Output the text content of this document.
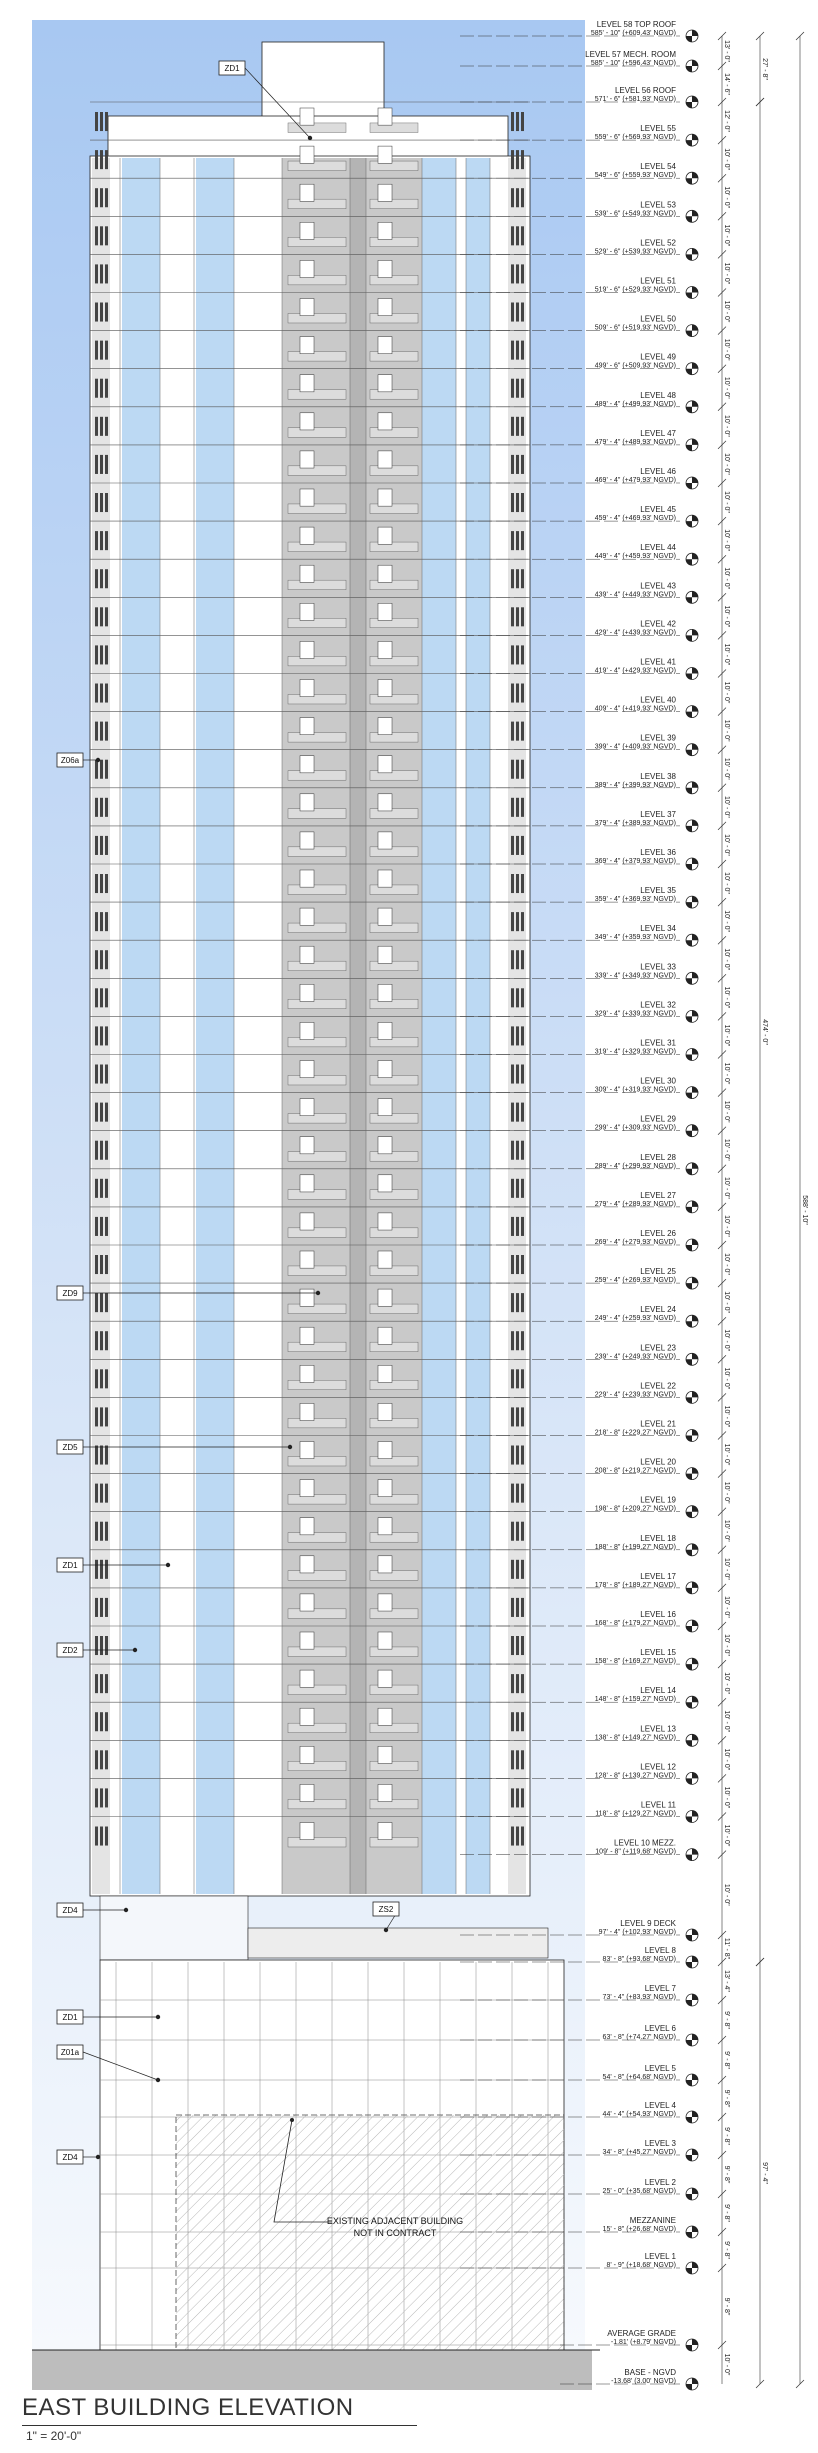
LEVEL 58 TOP ROOF
585' - 10" (+609.43' NGVD)
LEVEL 57 MECH. ROOM
585' - 10" (+596.43' NGVD)
LEVEL 56 ROOF
571' - 6" (+581.93' NGVD)
LEVEL 55
559' - 6" (+569.93' NGVD)
LEVEL 54
549' - 6" (+559.93' NGVD)
LEVEL 53
539' - 6" (+549.93' NGVD)
LEVEL 52
529' - 6" (+539.93' NGVD)
LEVEL 51
519' - 6" (+529.93' NGVD)
LEVEL 50
509' - 6" (+519.93' NGVD)
LEVEL 49
499' - 6" (+509.93' NGVD)
LEVEL 48
489' - 4" (+499.93' NGVD)
LEVEL 47
479' - 4" (+489.93' NGVD)
LEVEL 46
469' - 4" (+479.93' NGVD)
LEVEL 45
459' - 4" (+469.93' NGVD)
LEVEL 44
449' - 4" (+459.93' NGVD)
LEVEL 43
439' - 4" (+449.93' NGVD)
LEVEL 42
429' - 4" (+439.93' NGVD)
LEVEL 41
419' - 4" (+429.93' NGVD)
LEVEL 40
409' - 4" (+419.93' NGVD)
LEVEL 39
399' - 4" (+409.93' NGVD)
LEVEL 38
389' - 4" (+399.93' NGVD)
LEVEL 37
379' - 4" (+389.93' NGVD)
LEVEL 36
369' - 4" (+379.93' NGVD)
LEVEL 35
359' - 4" (+369.93' NGVD)
LEVEL 34
349' - 4" (+359.93' NGVD)
LEVEL 33
339' - 4" (+349.93' NGVD)
LEVEL 32
329' - 4" (+339.93' NGVD)
LEVEL 31
319' - 4" (+329.93' NGVD)
LEVEL 30
309' - 4" (+319.93' NGVD)
LEVEL 29
299' - 4" (+309.93' NGVD)
LEVEL 28
289' - 4" (+299.93' NGVD)
LEVEL 27
279' - 4" (+289.93' NGVD)
LEVEL 26
269' - 4" (+279.93' NGVD)
LEVEL 25
259' - 4" (+269.93' NGVD)
LEVEL 24
249' - 4" (+259.93' NGVD)
LEVEL 23
239' - 4" (+249.93' NGVD)
LEVEL 22
229' - 4" (+239.93' NGVD)
LEVEL 21
218' - 8" (+229.27' NGVD)
LEVEL 20
208' - 8" (+219.27' NGVD)
LEVEL 19
198' - 8" (+209.27' NGVD)
LEVEL 18
188' - 8" (+199.27' NGVD)
LEVEL 17
178' - 8" (+189.27' NGVD)
LEVEL 16
168' - 8" (+179.27' NGVD)
LEVEL 15
158' - 8" (+169.27' NGVD)
LEVEL 14
148' - 8" (+159.27' NGVD)
LEVEL 13
138' - 8" (+149.27' NGVD)
LEVEL 12
128' - 8" (+139.27' NGVD)
LEVEL 11
118' - 8" (+129.27' NGVD)
LEVEL 10 MEZZ.
109' - 8" (+119.68' NGVD)
LEVEL 9 DECK
97' - 4" (+102.93' NGVD)
LEVEL 8
83' - 8" (+93.68' NGVD)
LEVEL 7
73' - 4" (+83.93' NGVD)
LEVEL 6
63' - 8" (+74.27' NGVD)
LEVEL 5
54' - 8" (+64.68' NGVD)
LEVEL 4
44' - 4" (+54.93' NGVD)
LEVEL 3
34' - 8" (+45.27' NGVD)
LEVEL 2
25' - 0" (+35.68' NGVD)
MEZZANINE
15' - 8" (+26.68' NGVD)
LEVEL 1
8' - 9" (+18.68' NGVD)
AVERAGE GRADE
-1.81' (+8.79' NGVD)
BASE - NGVD
-13.68' (3.00' NGVD)
13' - 0"
14' - 6"
12' - 0"
10' - 0"
10' - 0"
10' - 0"
10' - 0"
10' - 0"
10' - 0"
10' - 0"
10' - 0"
10' - 0"
10' - 0"
10' - 0"
10' - 0"
10' - 0"
10' - 0"
10' - 0"
10' - 0"
10' - 0"
10' - 0"
10' - 0"
10' - 0"
10' - 0"
10' - 0"
10' - 0"
10' - 0"
10' - 0"
10' - 0"
10' - 0"
10' - 0"
10' - 0"
10' - 0"
10' - 0"
10' - 0"
10' - 0"
10' - 0"
10' - 0"
10' - 0"
10' - 0"
10' - 0"
10' - 0"
10' - 0"
10' - 0"
10' - 0"
10' - 0"
10' - 0"
10' - 0"
10' - 0"
11' - 8"
13' - 4"
9' - 8"
9' - 8"
9' - 8"
9' - 8"
9' - 8"
9' - 8"
9' - 8"
9' - 8"
10' - 0"
27' - 8"
474' - 0"
97' - 4"
588' - 10"
ZD1
Z06a
ZD9
ZD5
ZD1
ZD2
ZD4	ZS2
ZD1
Z01a
ZD4
EXISTING ADJACENT BUILDING
NOT IN CONTRACT
EAST BUILDING ELEVATION
1" = 20'-0"
